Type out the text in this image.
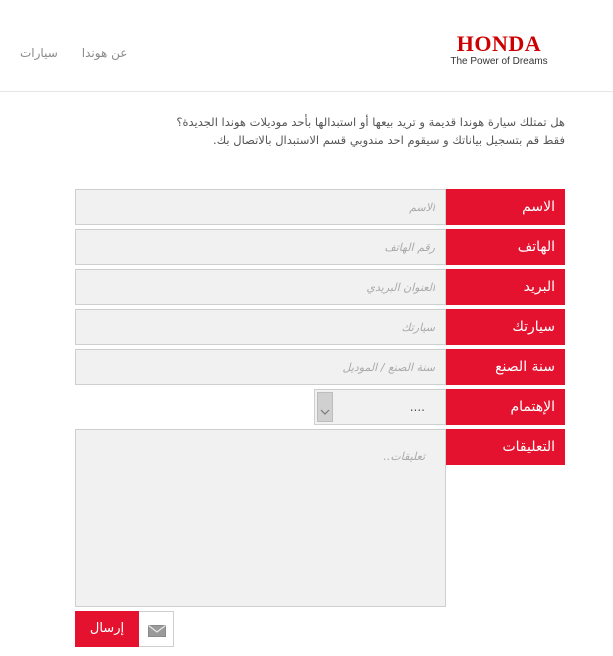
عن هوندا
سيارات	HONDA
The Power of Dreams
هل تمتلك سيارة هوندا قديمة و تريد بيعها أو استبدالها بأحد موديلات هوندا الجديدة؟
فقط قم بتسجيل بياناتك و سيقوم احد مندوبي قسم الاستبدال بالاتصال بك.
الاسم
الاسم
رقم الهاتف
الهاتف
العنوان البريدي
البريد
سيارتك
سيارتك
سنة الصنع / الموديل
سنة الصنع
....	الإهتمام
تعليقات..
التعليقات
إرسال
